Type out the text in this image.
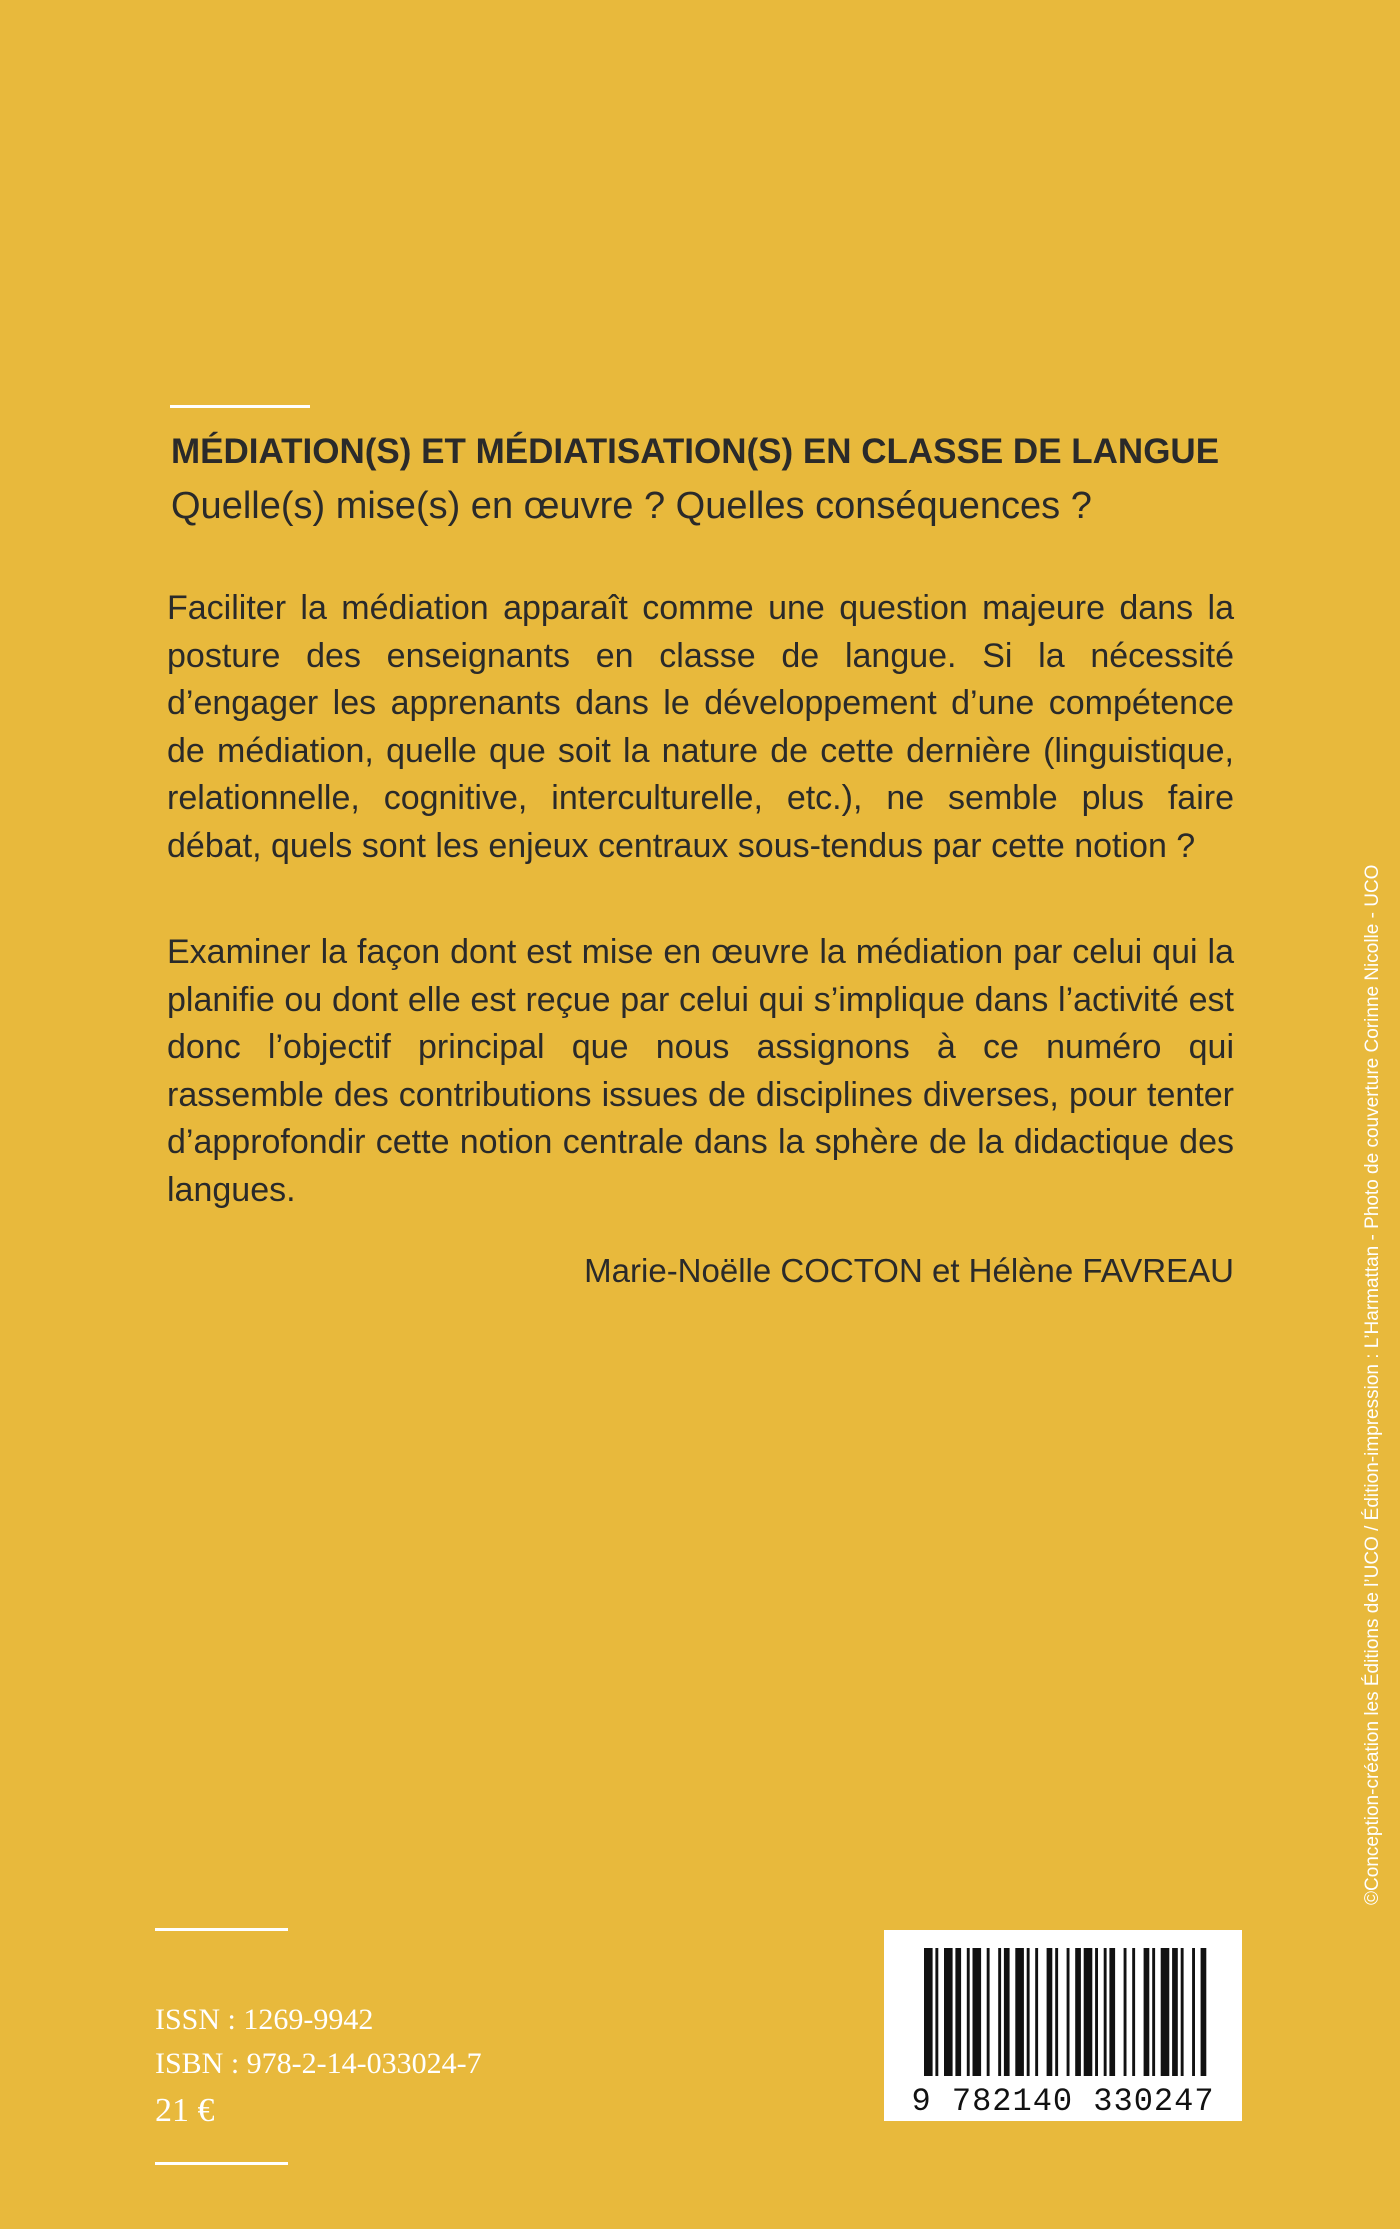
MÉDIATION(S) ET MÉDIATISATION(S) EN CLASSE DE LANGUE
Quelle(s) mise(s) en œuvre ? Quelles conséquences ?

Faciliter la médiation apparaît comme une question majeure dans la posture des enseignants en classe de langue. Si la nécessité d’engager les apprenants dans le développement d’une compétence de médiation, quelle que soit la nature de cette dernière (linguistique, relationnelle, cognitive, interculturelle, etc.), ne semble plus faire débat, quels sont les enjeux centraux sous-tendus par cette notion ?

Examiner la façon dont est mise en œuvre la médiation par celui qui la planifie ou dont elle est reçue par celui qui s’implique dans l’activité est donc l’objectif principal que nous assignons à ce numéro qui rassemble des contributions issues de disciplines diverses, pour tenter d’approfondir cette notion centrale dans la sphère de la didactique des langues.

Marie-Noëlle COCTON et Hélène FAVREAU	©Conception-création les Éditions de l’UCO / Édition-impression : L’Harmattan - Photo de couverture Corinne Nicolle - UCO
ISSN : 1269-9942
ISBN : 978-2-14-033024-7
21 €	9 782140 330247
